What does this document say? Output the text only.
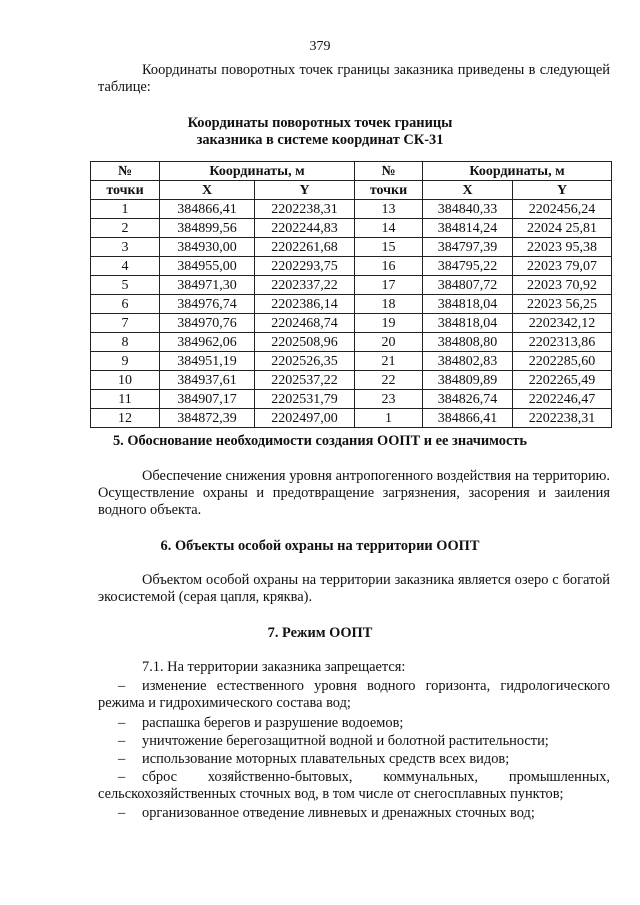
379
Координаты поворотных точек границы заказника приведены в следующей таблице:
Координаты поворотных точек границы
заказника в системе координат СК-31
№	Координаты, м		№	Координаты, м	
точки	X	Y	точки	X	Y
1	384866,41	2202238,31	13	384840,33	2202456,24
2	384899,56	2202244,83	14	384814,24	22024 25,81
3	384930,00	2202261,68	15	384797,39	22023 95,38
4	384955,00	2202293,75	16	384795,22	22023 79,07
5	384971,30	2202337,22	17	384807,72	22023 70,92
6	384976,74	2202386,14	18	384818,04	22023 56,25
7	384970,76	2202468,74	19	384818,04	2202342,12
8	384962,06	2202508,96	20	384808,80	2202313,86
9	384951,19	2202526,35	21	384802,83	2202285,60
10	384937,61	2202537,22	22	384809,89	2202265,49
11	384907,17	2202531,79	23	384826,74	2202246,47
12	384872,39	2202497,00	1	384866,41	2202238,31
5. Обоснование необходимости создания ООПТ и ее значимость
Обеспечение снижения уровня антропогенного воздействия на территорию. Осуществление охраны и предотвращение загрязнения, засорения и заиления водного объекта.
6. Объекты особой охраны на территории ООПТ
Объектом особой охраны на территории заказника является озеро с богатой экосистемой (серая цапля, кряква).
7. Режим ООПТ
7.1. На территории заказника запрещается:
– изменение естественного уровня водного горизонта, гидрологического режима и гидрохимического состава вод;
– распашка берегов и разрушение водоемов;
– уничтожение берегозащитной водной и болотной растительности;
– использование моторных плавательных средств всех видов;
– сброс хозяйственно-бытовых, коммунальных, промышленных, сельскохозяйственных сточных вод, в том числе от снегосплавных пунктов;
– организованное отведение ливневых и дренажных сточных вод;
